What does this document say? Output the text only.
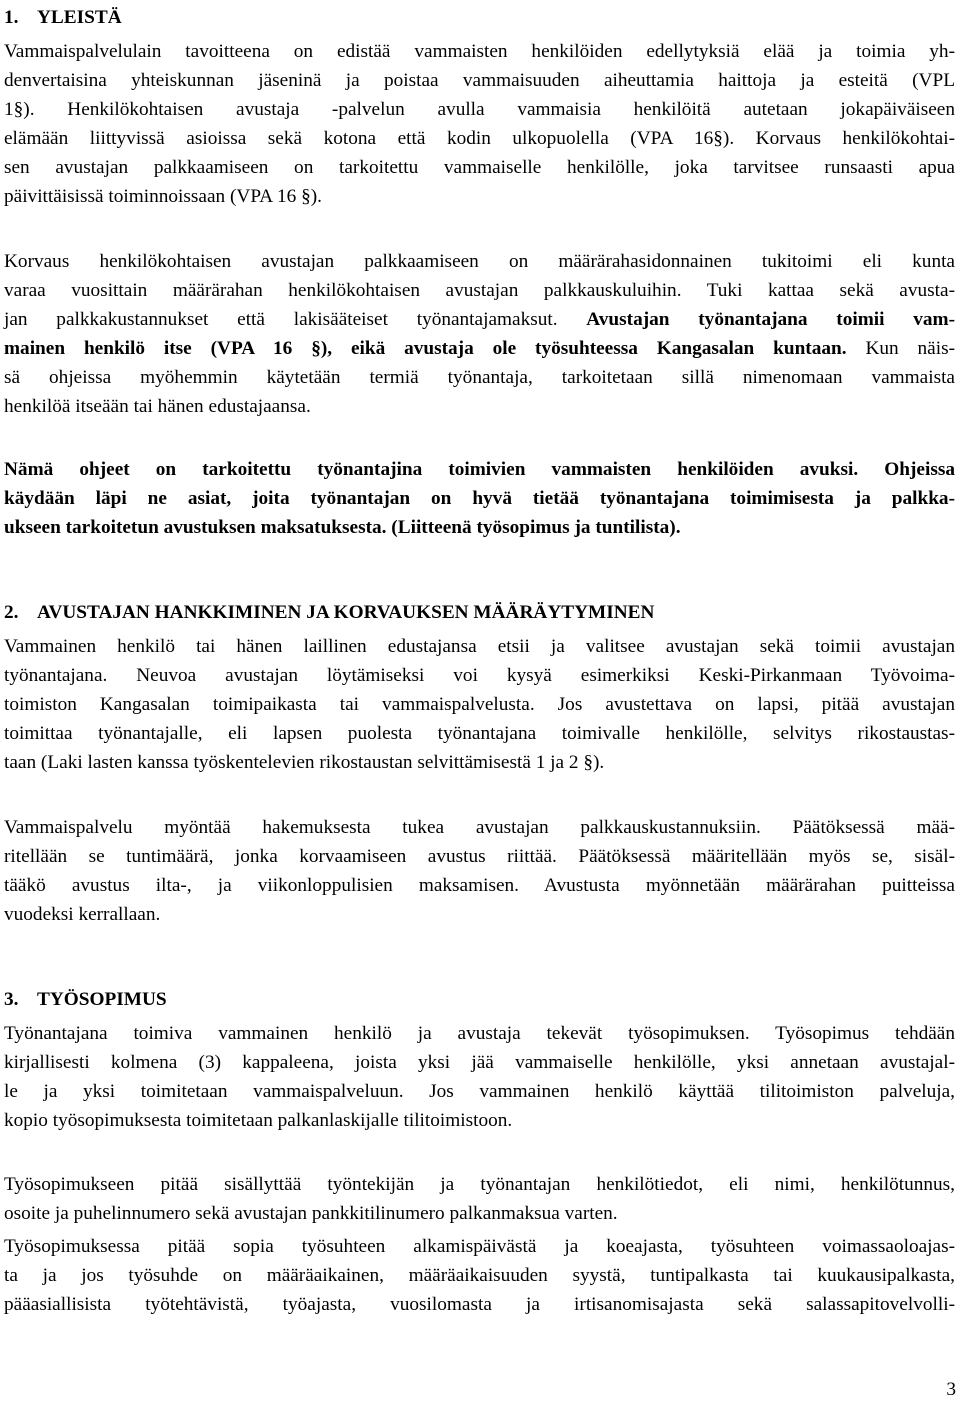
1. YLEISTÄ
Vammaispalvelulain tavoitteena on edistää vammaisten henkilöiden edellytyksiä elää ja toimia yh-
denvertaisina yhteiskunnan jäseninä ja poistaa vammaisuuden aiheuttamia haittoja ja esteitä (VPL
1§). Henkilökohtaisen avustaja -palvelun avulla vammaisia henkilöitä autetaan jokapäiväiseen
elämään liittyvissä asioissa sekä kotona että kodin ulkopuolella (VPA 16§). Korvaus henkilökohtai-
sen avustajan palkkaamiseen on tarkoitettu vammaiselle henkilölle, joka tarvitsee runsaasti apua
päivittäisissä toiminnoissaan (VPA 16 §).
Korvaus henkilökohtaisen avustajan palkkaamiseen on määrärahasidonnainen tukitoimi eli kunta
varaa vuosittain määrärahan henkilökohtaisen avustajan palkkauskuluihin. Tuki kattaa sekä avusta-
jan palkkakustannukset että lakisääteiset työnantajamaksut. Avustajan työnantajana toimii vam-
mainen henkilö itse (VPA 16 §), eikä avustaja ole työsuhteessa Kangasalan kuntaan. Kun näis-
sä ohjeissa myöhemmin käytetään termiä työnantaja, tarkoitetaan sillä nimenomaan vammaista
henkilöä itseään tai hänen edustajaansa.
Nämä ohjeet on tarkoitettu työnantajina toimivien vammaisten henkilöiden avuksi. Ohjeissa
käydään läpi ne asiat, joita työnantajan on hyvä tietää työnantajana toimimisesta ja palkka-
ukseen tarkoitetun avustuksen maksatuksesta. (Liitteenä työsopimus ja tuntilista).
2. AVUSTAJAN HANKKIMINEN JA KORVAUKSEN MÄÄRÄYTYMINEN
Vammainen henkilö tai hänen laillinen edustajansa etsii ja valitsee avustajan sekä toimii avustajan
työnantajana. Neuvoa avustajan löytämiseksi voi kysyä esimerkiksi Keski-Pirkanmaan Työvoima-
toimiston Kangasalan toimipaikasta tai vammaispalvelusta. Jos avustettava on lapsi, pitää avustajan
toimittaa työnantajalle, eli lapsen puolesta työnantajana toimivalle henkilölle, selvitys rikostaustas-
taan (Laki lasten kanssa työskentelevien rikostaustan selvittämisestä 1 ja 2 §).
Vammaispalvelu myöntää hakemuksesta tukea avustajan palkkauskustannuksiin. Päätöksessä mää-
ritellään se tuntimäärä, jonka korvaamiseen avustus riittää. Päätöksessä määritellään myös se, sisäl-
tääkö avustus ilta-, ja viikonloppulisien maksamisen. Avustusta myönnetään määrärahan puitteissa
vuodeksi kerrallaan.
3. TYÖSOPIMUS
Työnantajana toimiva vammainen henkilö ja avustaja tekevät työsopimuksen. Työsopimus tehdään
kirjallisesti kolmena (3) kappaleena, joista yksi jää vammaiselle henkilölle, yksi annetaan avustajal-
le ja yksi toimitetaan vammaispalveluun. Jos vammainen henkilö käyttää tilitoimiston palveluja,
kopio työsopimuksesta toimitetaan palkanlaskijalle tilitoimistoon.
Työsopimukseen pitää sisällyttää työntekijän ja työnantajan henkilötiedot, eli nimi, henkilötunnus,
osoite ja puhelinnumero sekä avustajan pankkitilinumero palkanmaksua varten.
Työsopimuksessa pitää sopia työsuhteen alkamispäivästä ja koeajasta, työsuhteen voimassaoloajas-
ta ja jos työsuhde on määräaikainen, määräaikaisuuden syystä, tuntipalkasta tai kuukausipalkasta,
pääasiallisista työtehtävistä, työajasta, vuosilomasta ja irtisanomisajasta sekä salassapitovelvolli-
3
